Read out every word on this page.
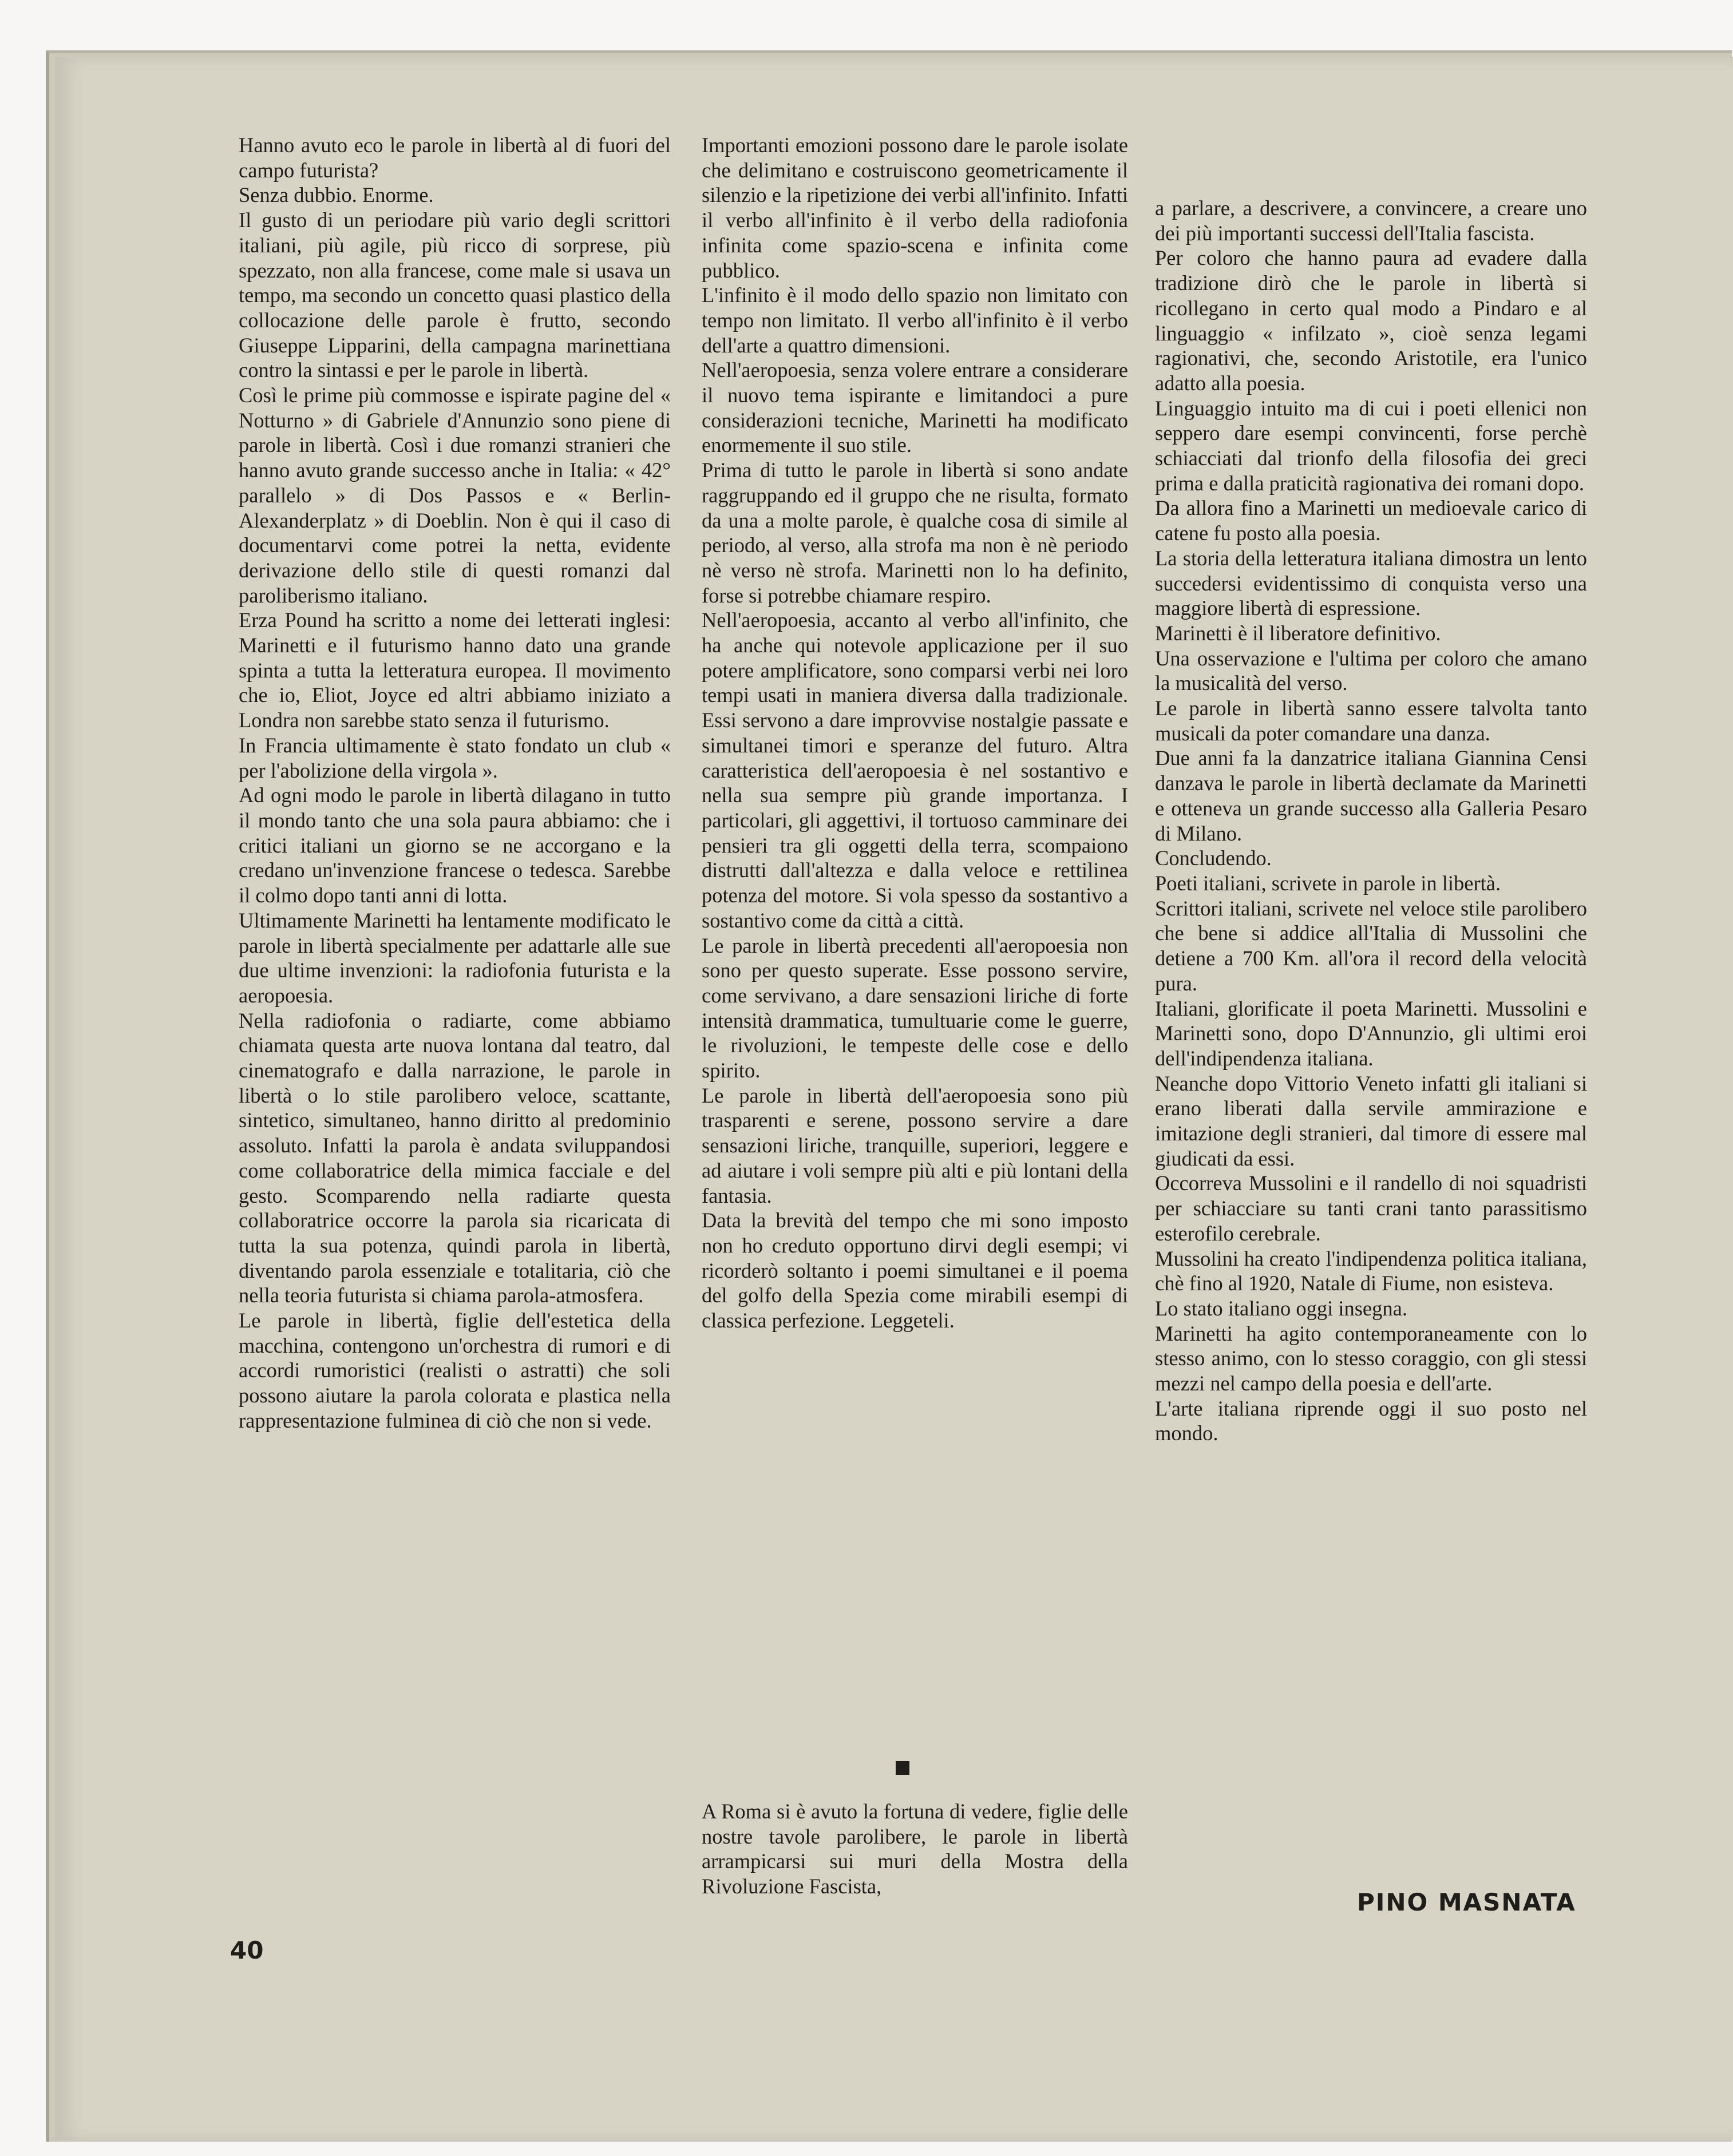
Hanno avuto eco le parole in libertà al di fuori del campo futurista?

Senza dubbio. Enorme.

Il gusto di un periodare più vario degli scrittori italiani, più agile, più ricco di sorprese, più spezzato, non alla francese, come male si usava un tempo, ma secondo un concetto quasi plastico della collocazione delle parole è frutto, secondo Giuseppe Lipparini, della campagna marinettiana contro la sintassi e per le parole in libertà.

Così le prime più commosse e ispirate pagine del « Notturno » di Gabriele d'Annunzio sono piene di parole in libertà. Così i due romanzi stranieri che hanno avuto grande successo anche in Italia: « 42° parallelo » di Dos Passos e « Berlin-Alexanderplatz » di Doeblin. Non è qui il caso di documentarvi come potrei la netta, evidente derivazione dello stile di questi romanzi dal paroliberismo italiano.

Erza Pound ha scritto a nome dei letterati inglesi: Marinetti e il futurismo hanno dato una grande spinta a tutta la letteratura europea. Il movimento che io, Eliot, Joyce ed altri abbiamo iniziato a Londra non sarebbe stato senza il futurismo.

In Francia ultimamente è stato fondato un club « per l'abolizione della virgola ».

Ad ogni modo le parole in libertà dilagano in tutto il mondo tanto che una sola paura abbiamo: che i critici italiani un giorno se ne accorgano e la credano un'invenzione francese o tedesca. Sarebbe il colmo dopo tanti anni di lotta.

Ultimamente Marinetti ha lentamente modificato le parole in libertà specialmente per adattarle alle sue due ultime invenzioni: la radiofonia futurista e la aeropoesia.

Nella radiofonia o radiarte, come abbiamo chiamata questa arte nuova lontana dal teatro, dal cinematografo e dalla narrazione, le parole in libertà o lo stile parolibero veloce, scattante, sintetico, simultaneo, hanno diritto al predominio assoluto. Infatti la parola è andata sviluppandosi come collaboratrice della mimica facciale e del gesto. Scomparendo nella radiarte questa collaboratrice occorre la parola sia ricaricata di tutta la sua potenza, quindi parola in libertà, diventando parola essenziale e totalitaria, ciò che nella teoria futurista si chiama parola-atmosfera.

Le parole in libertà, figlie dell'estetica della macchina, contengono un'orchestra di rumori e di accordi rumoristici (realisti o astratti) che soli possono aiutare la parola colorata e plastica nella rappresentazione fulminea di ciò che non si vede.

Importanti emozioni possono dare le parole isolate che delimitano e costruiscono geometricamente il silenzio e la ripetizione dei verbi all'infinito. Infatti il verbo all'infinito è il verbo della radiofonia infinita come spazio-scena e infinita come pubblico.

L'infinito è il modo dello spazio non limitato con tempo non limitato. Il verbo all'infinito è il verbo dell'arte a quattro dimensioni.

Nell'aeropoesia, senza volere entrare a considerare il nuovo tema ispirante e limitandoci a pure considerazioni tecniche, Marinetti ha modificato enormemente il suo stile.

Prima di tutto le parole in libertà si sono andate raggruppando ed il gruppo che ne risulta, formato da una a molte parole, è qualche cosa di simile al periodo, al verso, alla strofa ma non è nè periodo nè verso nè strofa. Marinetti non lo ha definito, forse si potrebbe chiamare respiro.

Nell'aeropoesia, accanto al verbo all'infinito, che ha anche qui notevole applicazione per il suo potere amplificatore, sono comparsi verbi nei loro tempi usati in maniera diversa dalla tradizionale. Essi servono a dare improvvise nostalgie passate e simultanei timori e speranze del futuro. Altra caratteristica dell'aeropoesia è nel sostantivo e nella sua sempre più grande importanza. I particolari, gli aggettivi, il tortuoso camminare dei pensieri tra gli oggetti della terra, scompaiono distrutti dall'altezza e dalla veloce e rettilinea potenza del motore. Si vola spesso da sostantivo a sostantivo come da città a città.

Le parole in libertà precedenti all'aeropoesia non sono per questo superate. Esse possono servire, come servivano, a dare sensazioni liriche di forte intensità drammatica, tumultuarie come le guerre, le rivoluzioni, le tempeste delle cose e dello spirito.

Le parole in libertà dell'aeropoesia sono più trasparenti e serene, possono servire a dare sensazioni liriche, tranquille, superiori, leggere e ad aiutare i voli sempre più alti e più lontani della fantasia.

Data la brevità del tempo che mi sono imposto non ho creduto opportuno dirvi degli esempi; vi ricorderò soltanto i poemi simultanei e il poema del golfo della Spezia come mirabili esempi di classica perfezione. Leggeteli.

A Roma si è avuto la fortuna di vedere, figlie delle nostre tavole parolibere, le parole in libertà arrampicarsi sui muri della Mostra della Rivoluzione Fascista,

a parlare, a descrivere, a convincere, a creare uno dei più importanti successi dell'Italia fascista.

Per coloro che hanno paura ad evadere dalla tradizione dirò che le parole in libertà si ricollegano in certo qual modo a Pindaro e al linguaggio « infilzato », cioè senza legami ragionativi, che, secondo Aristotile, era l'unico adatto alla poesia.

Linguaggio intuito ma di cui i poeti ellenici non seppero dare esempi convincenti, forse perchè schiacciati dal trionfo della filosofia dei greci prima e dalla praticità ragionativa dei romani dopo.

Da allora fino a Marinetti un medioevale carico di catene fu posto alla poesia.

La storia della letteratura italiana dimostra un lento succedersi evidentissimo di conquista verso una maggiore libertà di espressione.

Marinetti è il liberatore definitivo.

Una osservazione e l'ultima per coloro che amano la musicalità del verso.

Le parole in libertà sanno essere talvolta tanto musicali da poter comandare una danza.

Due anni fa la danzatrice italiana Giannina Censi danzava le parole in libertà declamate da Marinetti e otteneva un grande successo alla Galleria Pesaro di Milano.

Concludendo.

Poeti italiani, scrivete in parole in libertà.

Scrittori italiani, scrivete nel veloce stile parolibero che bene si addice all'Italia di Mussolini che detiene a 700 Km. all'ora il record della velocità pura.

Italiani, glorificate il poeta Marinetti. Mussolini e Marinetti sono, dopo D'Annunzio, gli ultimi eroi dell'indipendenza italiana.

Neanche dopo Vittorio Veneto infatti gli italiani si erano liberati dalla servile ammirazione e imitazione degli stranieri, dal timore di essere mal giudicati da essi.

Occorreva Mussolini e il randello di noi squadristi per schiacciare su tanti crani tanto parassitismo esterofilo cerebrale.

Mussolini ha creato l'indipendenza politica italiana, chè fino al 1920, Natale di Fiume, non esisteva.

Lo stato italiano oggi insegna.

Marinetti ha agito contemporaneamente con lo stesso animo, con lo stesso coraggio, con gli stessi mezzi nel campo della poesia e dell'arte.

L'arte italiana riprende oggi il suo posto nel mondo.

PINO MASNATA
40
